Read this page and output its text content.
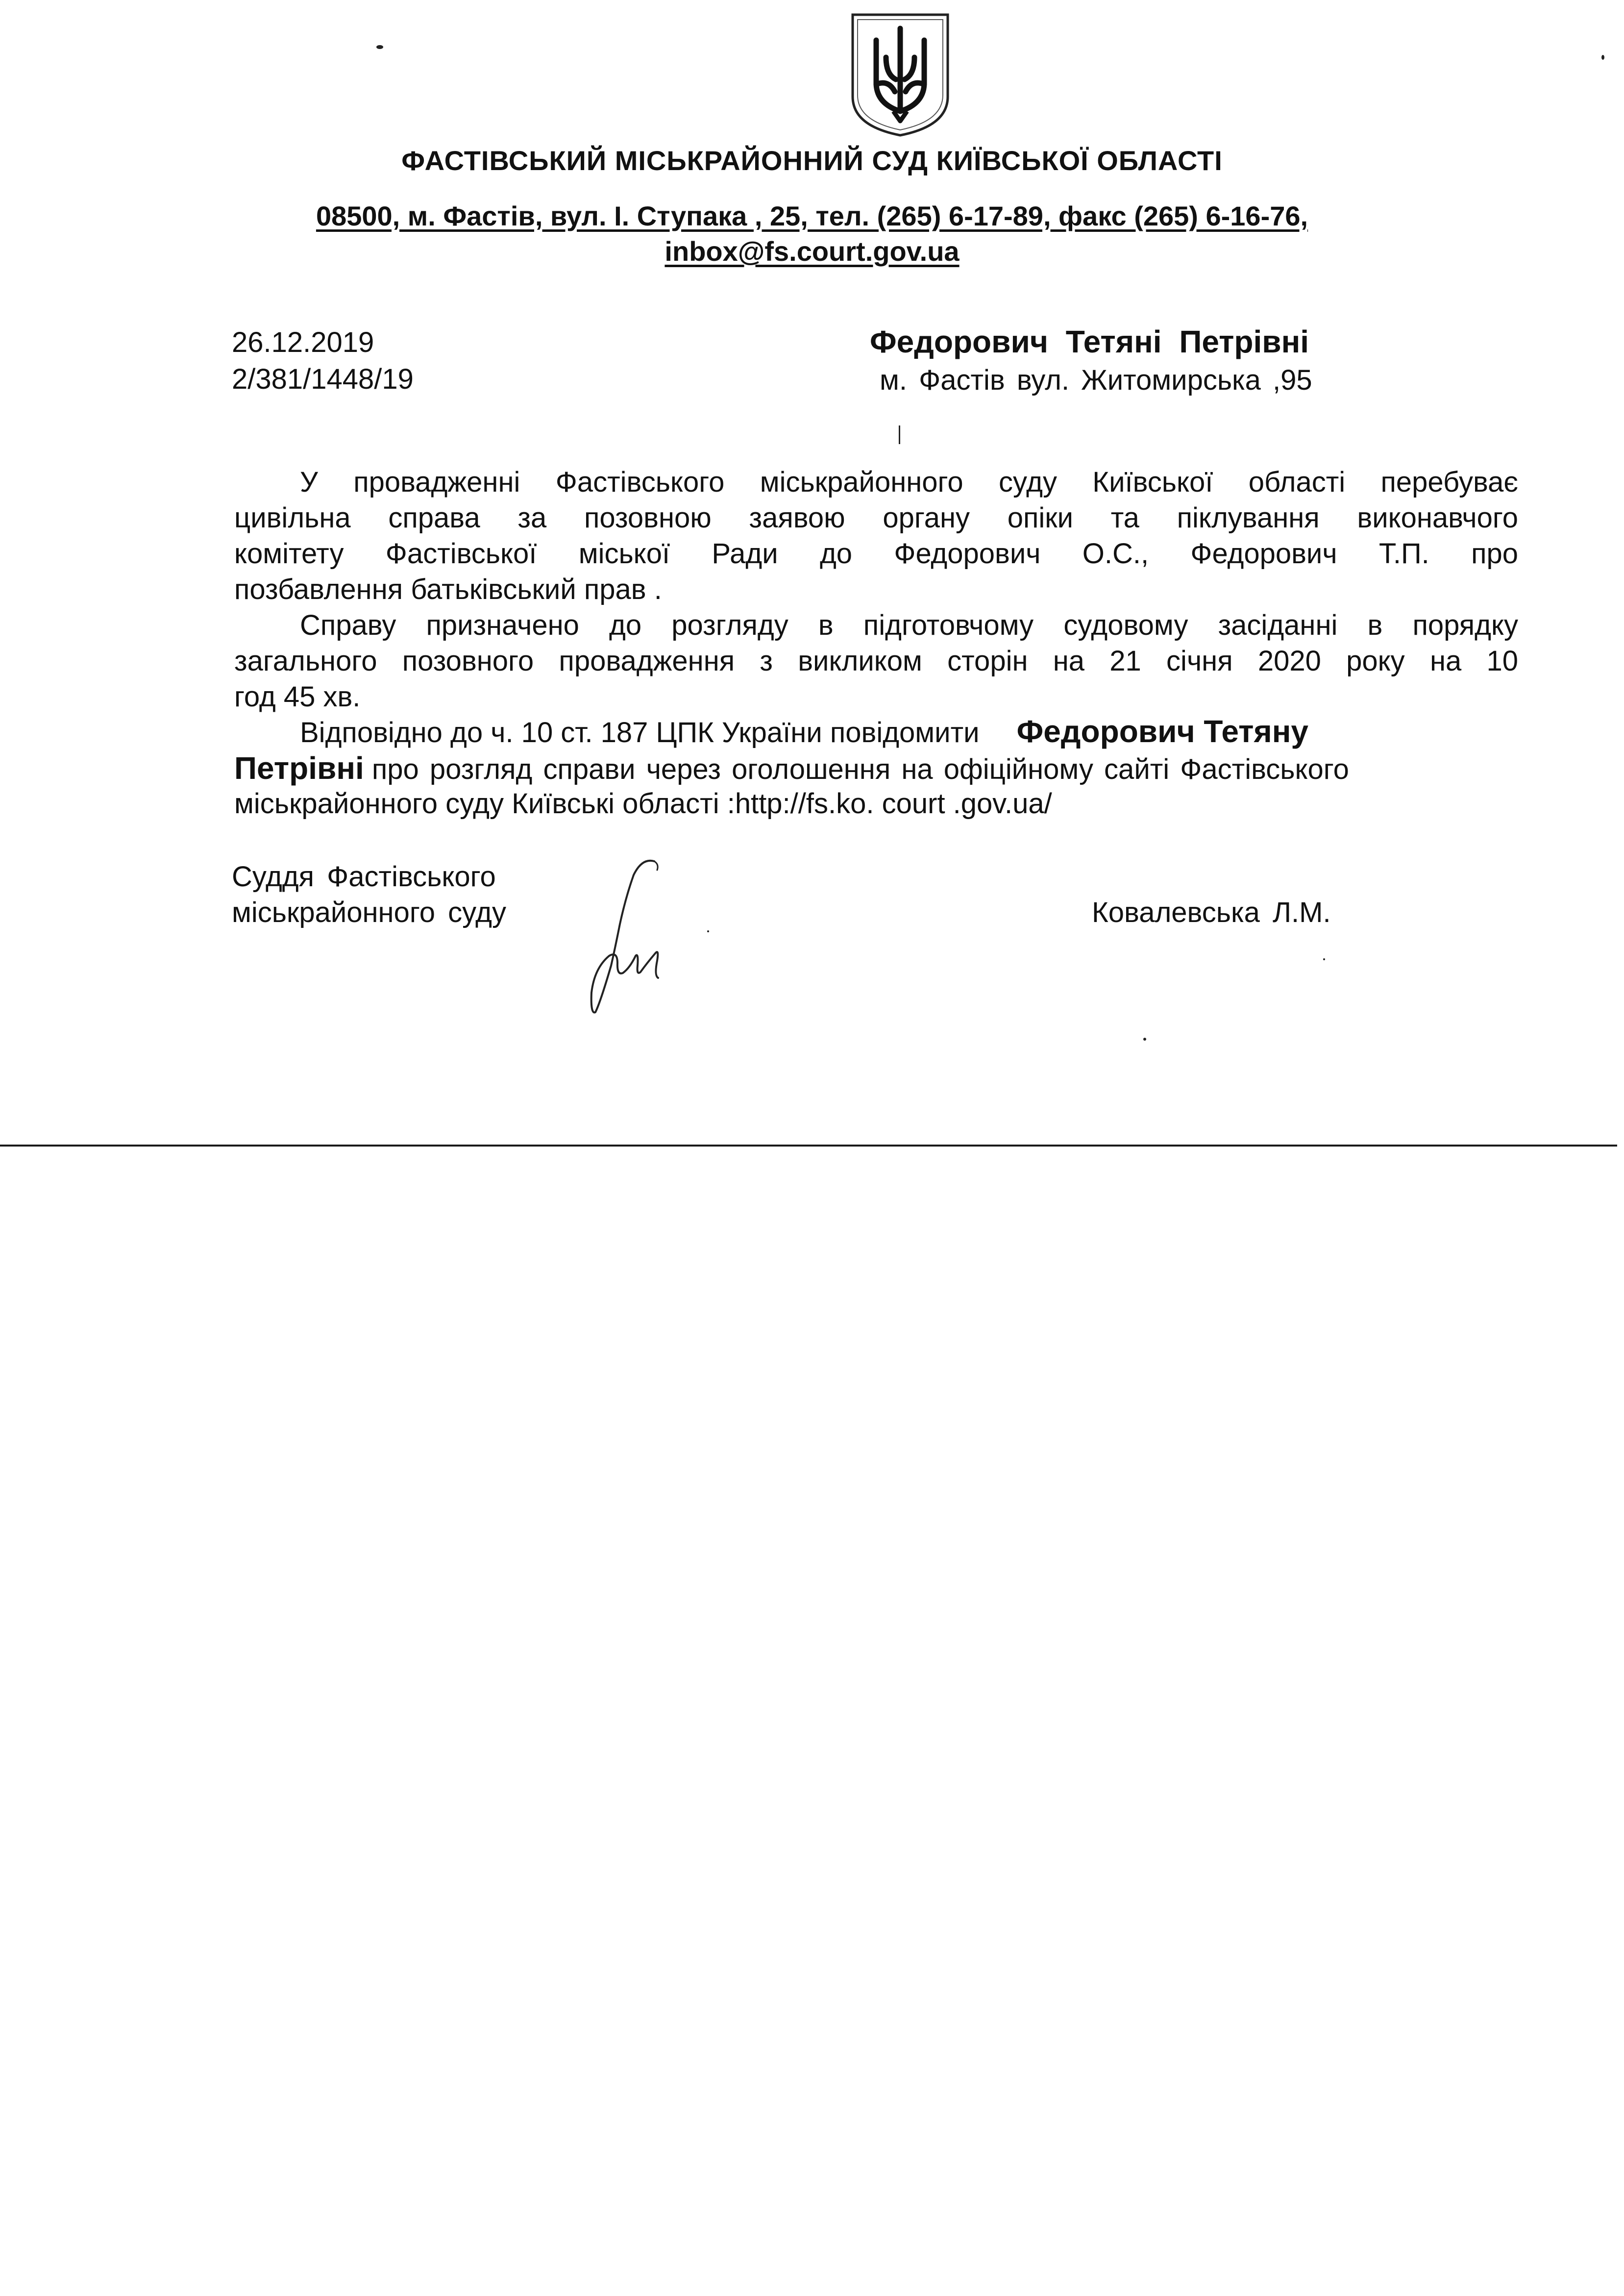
ФАСТІВСЬКИЙ МІСЬКРАЙОННИЙ СУД КИЇВСЬКОЇ ОБЛАСТІ
08500, м. Фастів, вул. І. Ступака , 25, тел. (265) 6-17-89, факс (265) 6-16-76,
inbox@fs.court.gov.ua
26.12.2019
2/381/1448/19
Федорович Тетяні Петрівні
м. Фастів вул. Житомирська ,95
У провадженні Фастівського міськрайонного суду Київської області перебуває
цивільна справа за позовною заявою органу опіки та піклування виконавчого
комітету Фастівської міської Ради до Федорович О.С., Федорович Т.П. про
позбавлення батьківський прав .
Справу призначено до розгляду в підготовчому судовому засіданні в порядку
загального позовного провадження з викликом сторін на 21 січня 2020 року на 10
год 45 хв.
Відповідно до ч. 10 ст. 187 ЦПК України повідомити Федорович Тетяну
Петрівні про розгляд справи через оголошення на офіційному сайті Фастівського
міськрайонного суду Київські області :http://fs.ko. court .gov.ua/
Суддя Фастівського
міськрайонного суду	Ковалевська Л.М.
